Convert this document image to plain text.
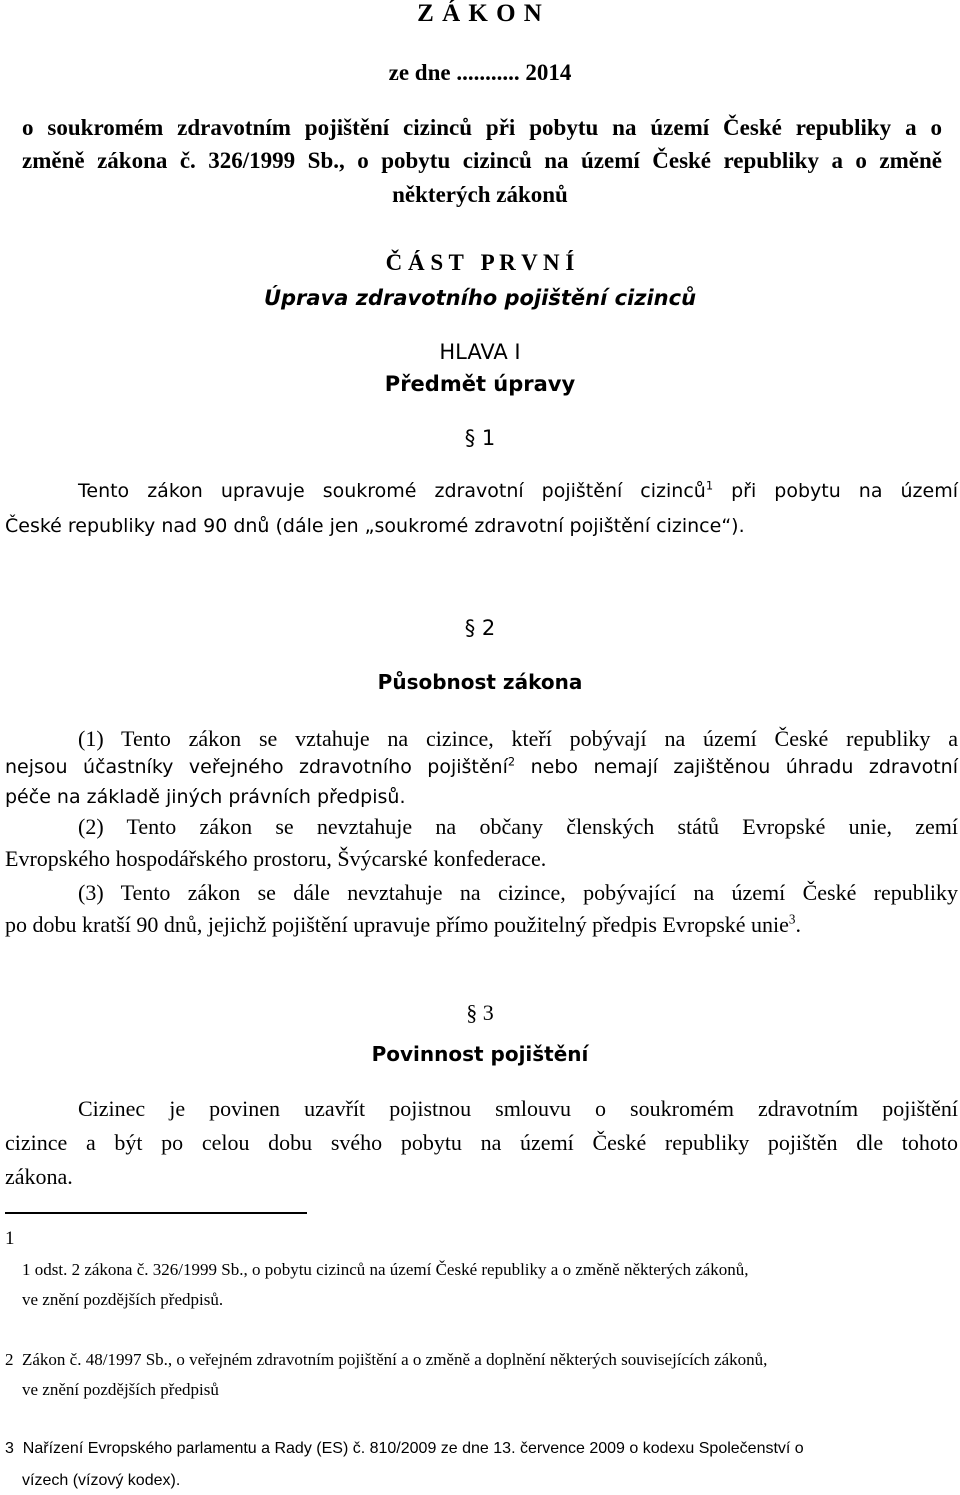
Z Á K O N
ze dne ........... 2014
o soukromém zdravotním pojištění cizinců při pobytu na území České republiky a o
změně zákona č. 326/1999 Sb., o pobytu cizinců na území České republiky a o změně
některých zákonů
Č Á S T   P R V N Í
Úprava zdravotního pojištění cizinců
HLAVA I
Předmět úpravy
§ 1
Tento zákon upravuje soukromé zdravotní pojištění cizinců$^1$ při pobytu na území
České republiky nad 90 dnů (dále jen „soukromé zdravotní pojištění cizince“).
§ 2
Působnost zákona
(1) Tento zákon se vztahuje na cizince, kteří pobývají na území České republiky a
nejsou účastníky veřejného zdravotního pojištění$^2$ nebo nemají zajištěnou úhradu zdravotní
péče na základě jiných právních předpisů.
(2) Tento zákon se nevztahuje na občany členských států Evropské unie, zemí
Evropského hospodářského prostoru, Švýcarské konfederace.
(3) Tento zákon se dále nevztahuje na cizince, pobývající na území České republiky
po dobu kratší 90 dnů, jejichž pojištění upravuje přímo použitelný předpis Evropské unie$^3$.
§ 3
Povinnost pojištění
Cizinec je povinen uzavřít pojistnou smlouvu o soukromém zdravotním pojištění
cizince a být po celou dobu svého pobytu na území České republiky pojištěn dle tohoto
zákona.
1
1 odst. 2 zákona č. 326/1999 Sb., o pobytu cizinců na území České republiky a o změně některých zákonů,
ve znění pozdějších předpisů.
2  Zákon č. 48/1997 Sb., o veřejném zdravotním pojištění a o změně a doplnění některých souvisejících zákonů,
ve znění pozdějších předpisů
3  Nařízení Evropského parlamentu a Rady (ES) č. 810/2009 ze dne 13. července 2009 o kodexu Společenství o
vízech (vízový kodex).
